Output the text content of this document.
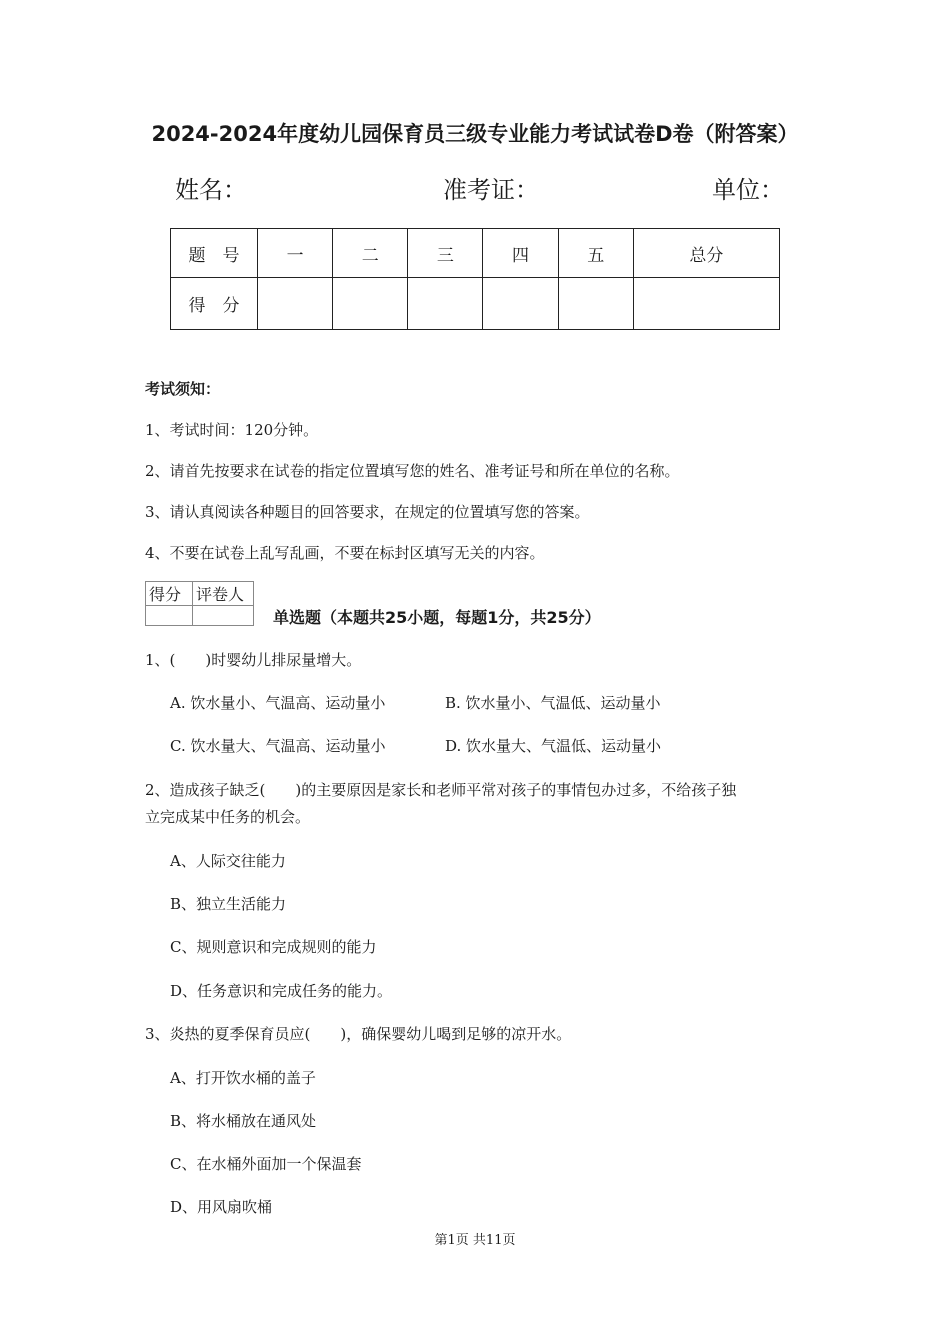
2024-2024年度幼儿园保育员三级专业能力考试试卷D卷（附答案）
姓名：	准考证：	单位：
题　号	一	二	三	四	五	总分
得　分						
考试须知：
1、考试时间：120分钟。
2、请首先按要求在试卷的指定位置填写您的姓名、准考证号和所在单位的名称。
3、请认真阅读各种题目的回答要求，在规定的位置填写您的答案。
4、不要在试卷上乱写乱画，不要在标封区填写无关的内容。
得分	评卷人

单选题（本题共25小题，每题1分，共25分）
1、(　　)时婴幼儿排尿量增大。
A. 饮水量小、气温高、运动量小	B. 饮水量小、气温低、运动量小
C. 饮水量大、气温高、运动量小	D. 饮水量大、气温低、运动量小
2、造成孩子缺乏(　　)的主要原因是家长和老师平常对孩子的事情包办过多，不给孩子独
立完成某中任务的机会。
A、人际交往能力
B、独立生活能力
C、规则意识和完成规则的能力
D、任务意识和完成任务的能力。
3、炎热的夏季保育员应(　　)，确保婴幼儿喝到足够的凉开水。
A、打开饮水桶的盖子
B、将水桶放在通风处
C、在水桶外面加一个保温套
D、用风扇吹桶
第1页 共11页
